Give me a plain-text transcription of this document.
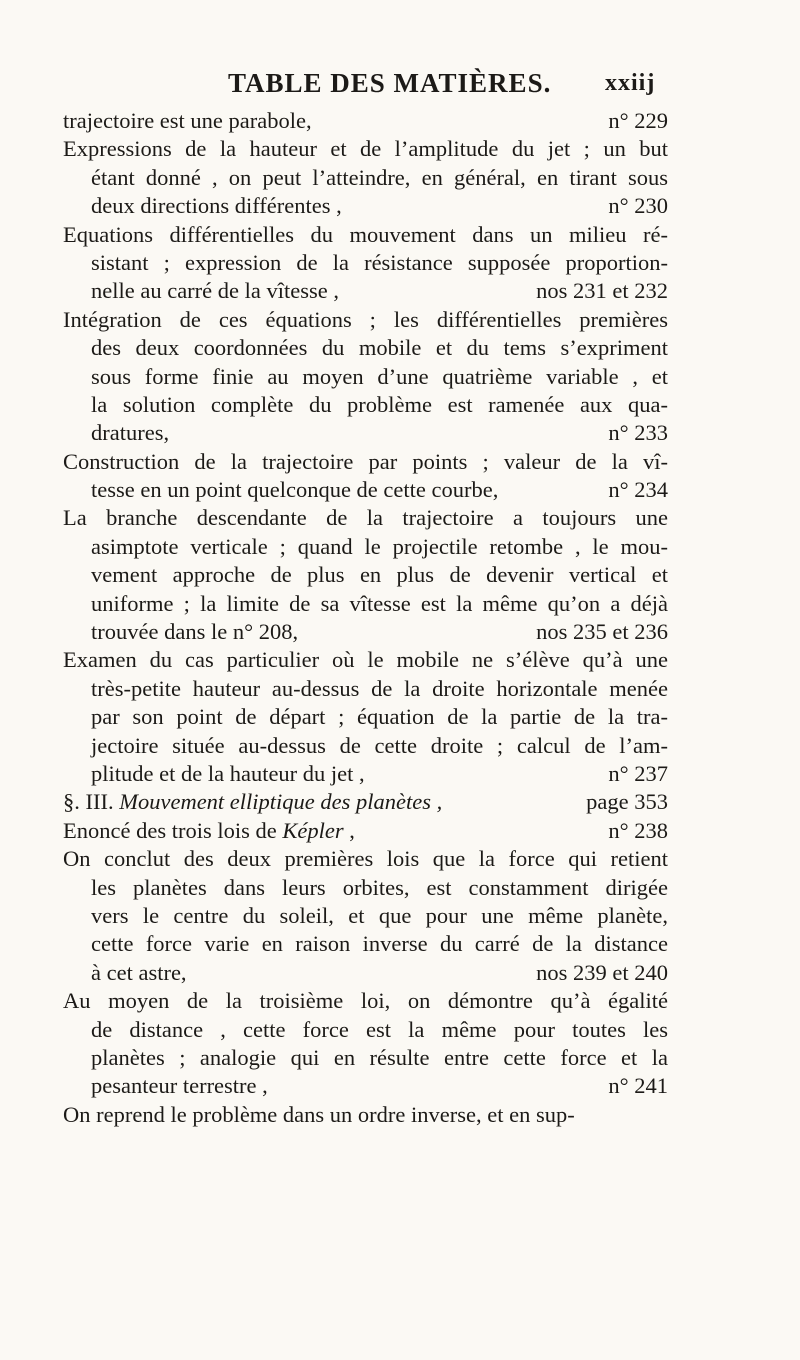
TABLE DES MATIÈRES. xxiij
trajectoire est une parabole,	n° 229
Expressions de la hauteur et de l’amplitude du jet ; un but
étant donné , on peut l’atteindre, en général, en tirant sous
deux directions différentes ,	n° 230
Equations différentielles du mouvement dans un milieu ré-
sistant ; expression de la résistance supposée proportion-
nelle au carré de la vîtesse ,	nos 231 et 232
Intégration de ces équations ; les différentielles premières
des deux coordonnées du mobile et du tems s’expriment
sous forme finie au moyen d’une quatrième variable , et
la solution complète du problème est ramenée aux qua-
dratures,	n° 233
Construction de la trajectoire par points ; valeur de la vî-
tesse en un point quelconque de cette courbe,	n° 234
La branche descendante de la trajectoire a toujours une
asimptote verticale ; quand le projectile retombe , le mou-
vement approche de plus en plus de devenir vertical et
uniforme ; la limite de sa vîtesse est la même qu’on a déjà
trouvée dans le n° 208,	nos 235 et 236
Examen du cas particulier où le mobile ne s’élève qu’à une
très-petite hauteur au-dessus de la droite horizontale menée
par son point de départ ; équation de la partie de la tra-
jectoire située au-dessus de cette droite ; calcul de l’am-
plitude et de la hauteur du jet ,	n° 237
§. III. Mouvement elliptique des planètes ,	page 353
Enoncé des trois lois de Képler ,	n° 238
On conclut des deux premières lois que la force qui retient
les planètes dans leurs orbites, est constamment dirigée
vers le centre du soleil, et que pour une même planète,
cette force varie en raison inverse du carré de la distance
à cet astre,	nos 239 et 240
Au moyen de la troisième loi, on démontre qu’à égalité
de distance , cette force est la même pour toutes les
planètes ; analogie qui en résulte entre cette force et la
pesanteur terrestre ,	n° 241
On reprend le problème dans un ordre inverse, et en sup-
